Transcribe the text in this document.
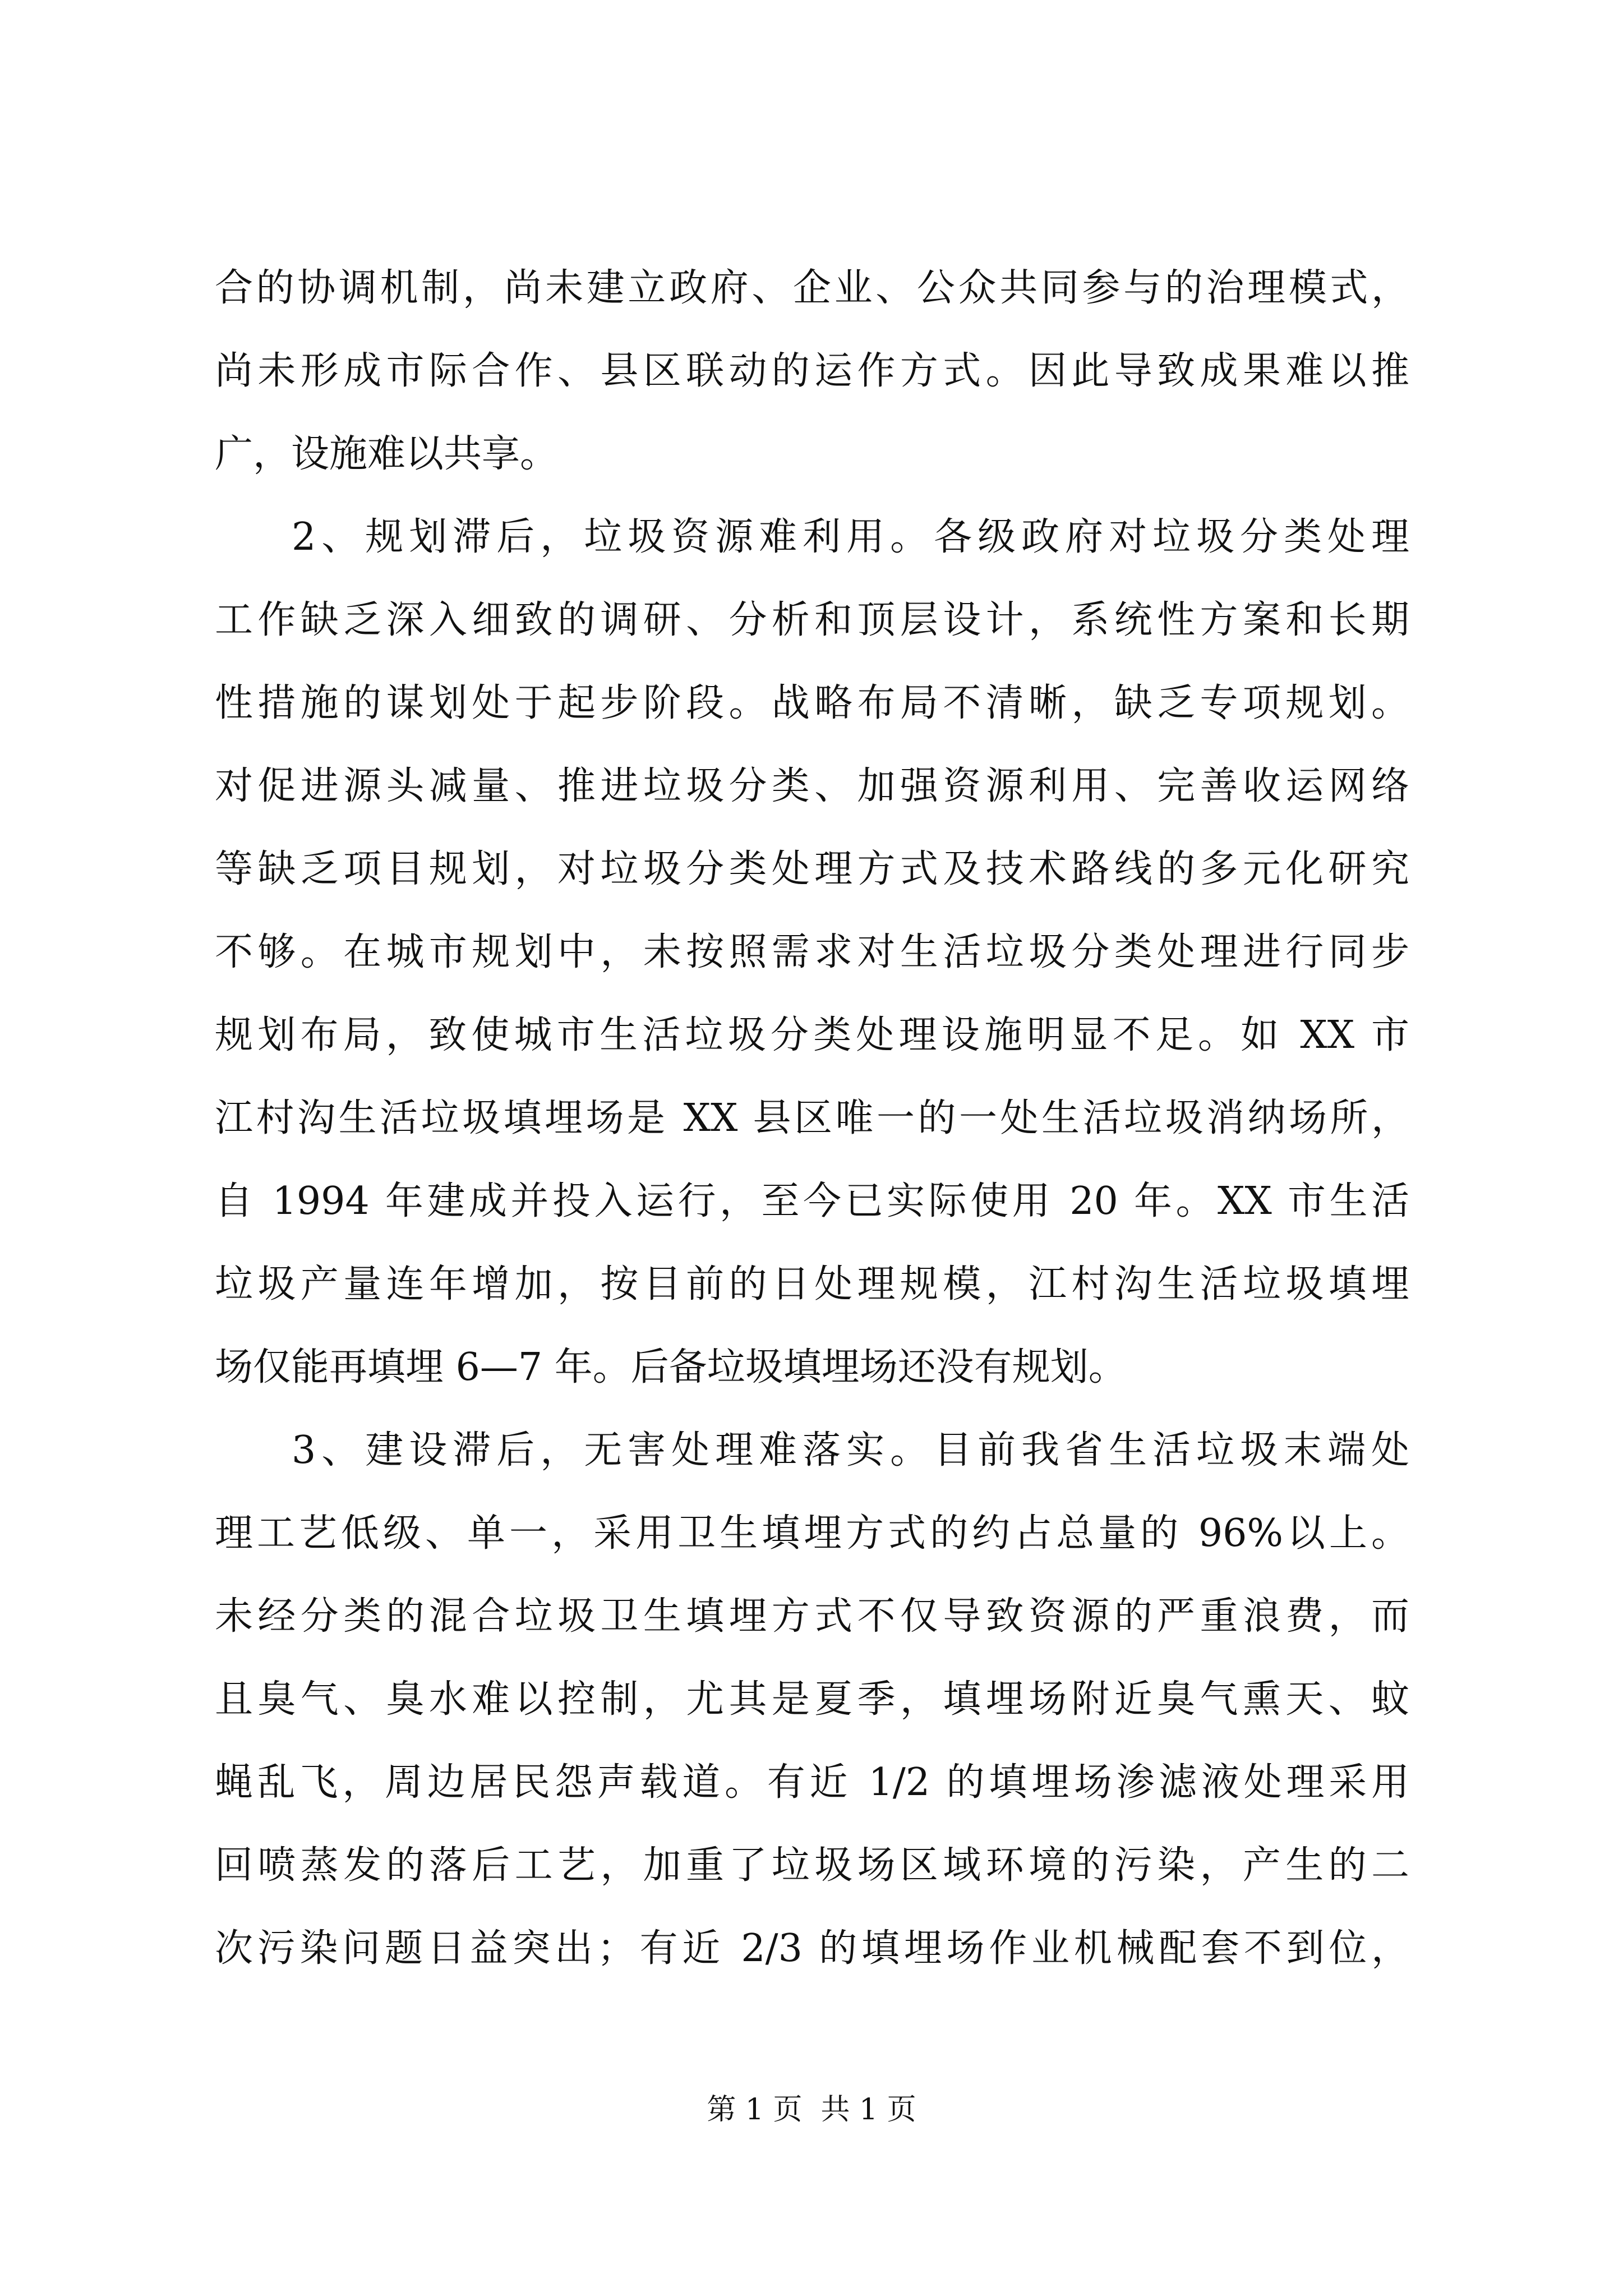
合的协调机制，尚未建立政府、企业、公众共同参与的治理模式，
尚未形成市际合作、县区联动的运作方式。因此导致成果难以推
广，设施难以共享。
2、规划滞后，垃圾资源难利用。各级政府对垃圾分类处理
工作缺乏深入细致的调研、分析和顶层设计，系统性方案和长期
性措施的谋划处于起步阶段。战略布局不清晰，缺乏专项规划。
对促进源头减量、推进垃圾分类、加强资源利用、完善收运网络
等缺乏项目规划，对垃圾分类处理方式及技术路线的多元化研究
不够。在城市规划中，未按照需求对生活垃圾分类处理进行同步
规划布局，致使城市生活垃圾分类处理设施明显不足。如 XX 市
江村沟生活垃圾填埋场是 XX 县区唯一的一处生活垃圾消纳场所，
自 1994 年建成并投入运行，至今已实际使用 20 年。XX 市生活
垃圾产量连年增加，按目前的日处理规模，江村沟生活垃圾填埋
场仅能再填埋 6—7 年。后备垃圾填埋场还没有规划。
3、建设滞后，无害处理难落实。目前我省生活垃圾末端处
理工艺低级、单一，采用卫生填埋方式的约占总量的 96%以上。
未经分类的混合垃圾卫生填埋方式不仅导致资源的严重浪费，而
且臭气、臭水难以控制，尤其是夏季，填埋场附近臭气熏天、蚊
蝇乱飞，周边居民怨声载道。有近 1/2 的填埋场渗滤液处理采用
回喷蒸发的落后工艺，加重了垃圾场区域环境的污染，产生的二
次污染问题日益突出；有近 2/3 的填埋场作业机械配套不到位，
第 1 页  共 1 页
